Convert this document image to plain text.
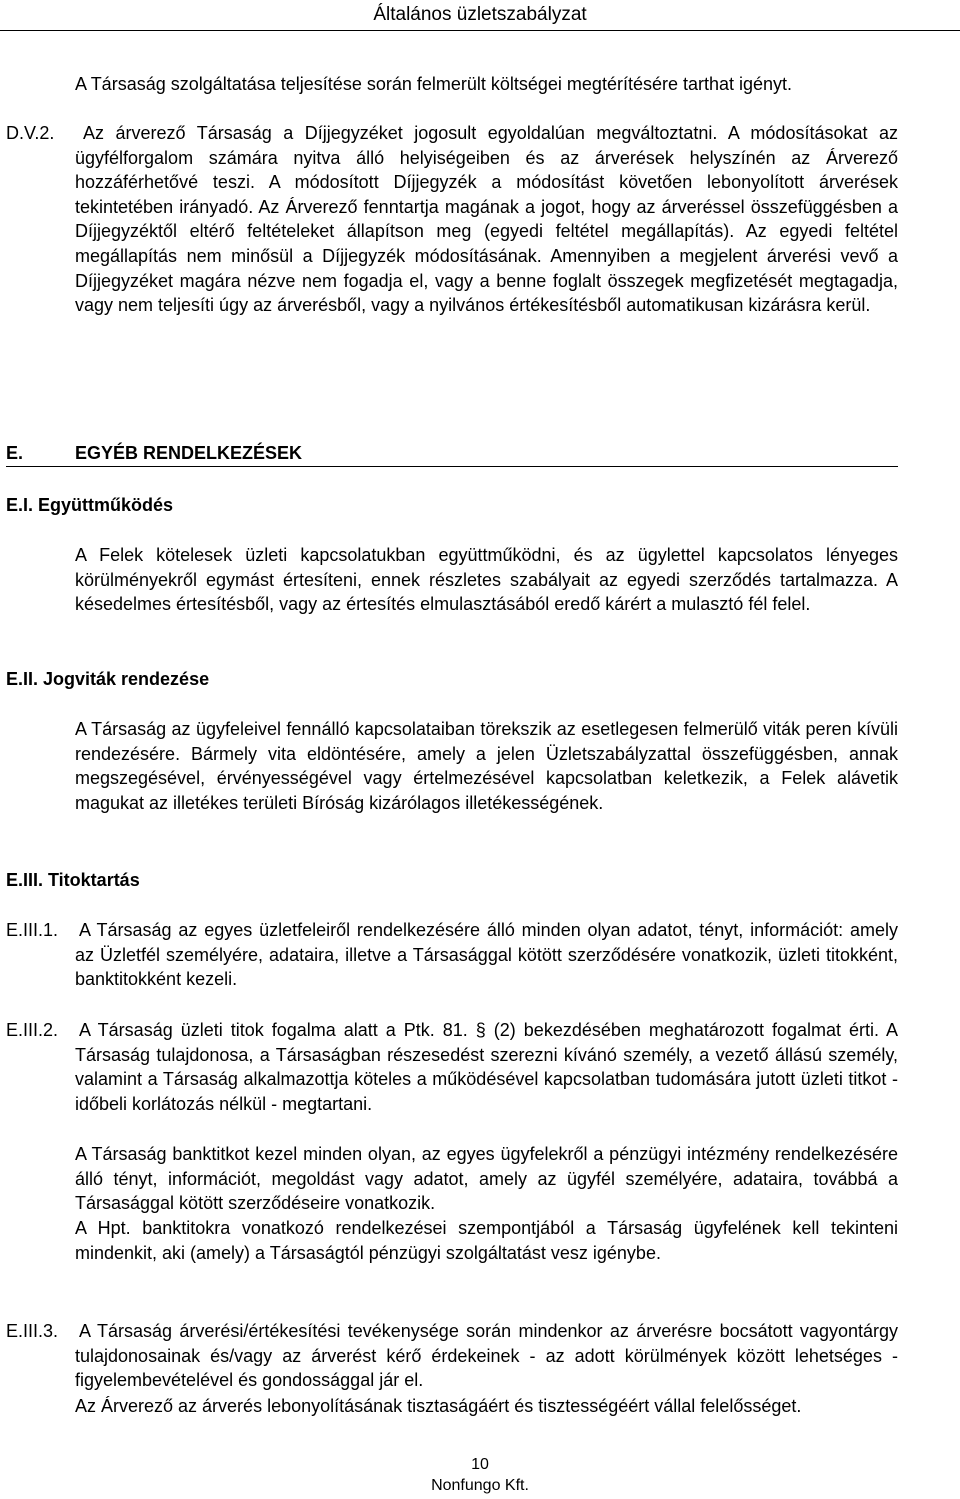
Általános üzletszabályzat

A Társaság szolgáltatása teljesítése során felmerült költségei megtérítésére tarthat igényt.

D.V.2.	Az árverező Társaság a Díjjegyzéket jogosult egyoldalúan megváltoztatni. A módosításokat az ügyfélforgalom számára nyitva álló helyiségeiben és az árverések helyszínén az Árverező hozzáférhetővé teszi. A módosított Díjjegyzék a módosítást követően lebonyolított árverések tekintetében irányadó. Az Árverező fenntartja magának a jogot, hogy az árveréssel összefüggésben a Díjjegyzéktől eltérő feltételeket állapítson meg (egyedi feltétel megállapítás). Az egyedi feltétel megállapítás nem minősül a Díjjegyzék módosításának. Amennyiben a megjelent árverési vevő a Díjjegyzéket magára nézve nem fogadja el, vagy a benne foglalt összegek megfizetését megtagadja, vagy nem teljesíti úgy az árverésből, vagy a nyilvános értékesítésből automatikusan kizárásra kerül.

E.	EGYÉB RENDELKEZÉSEK
E.I. Együttműködés

A Felek kötelesek üzleti kapcsolatukban együttműködni, és az ügylettel kapcsolatos lényeges körülményekről egymást értesíteni, ennek részletes szabályait az egyedi szerződés tartalmazza. A késedelmes értesítésből, vagy az értesítés elmulasztásából eredő kárért a mulasztó fél felel.

E.II. Jogviták rendezése

A Társaság az ügyfeleivel fennálló kapcsolataiban törekszik az esetlegesen felmerülő viták peren kívüli rendezésére. Bármely vita eldöntésére, amely a jelen Üzletszabályzattal összefüggésben, annak megszegésével, érvényességével vagy értelmezésével kapcsolatban keletkezik, a Felek alávetik magukat az illetékes területi Bíróság kizárólagos illetékességének.

E.III. Titoktartás
E.III.1. A Társaság az egyes üzletfeleiről rendelkezésére álló minden olyan adatot, tényt, információt: amely az Üzletfél személyére, adataira, illetve a Társasággal kötött szerződésére vonatkozik, üzleti titokként, banktitokként kezeli.

E.III.2. A Társaság üzleti titok fogalma alatt a Ptk. 81. § (2) bekezdésében meghatározott fogalmat érti. A Társaság tulajdonosa, a Társaságban részesedést szerezni kívánó személy, a vezető állású személy, valamint a Társaság alkalmazottja köteles a működésével kapcsolatban tudomására jutott üzleti titkot - időbeli korlátozás nélkül - megtartani.

A Társaság banktitkot kezel minden olyan, az egyes ügyfelekről a pénzügyi intézmény rendelkezésére álló tényt, információt, megoldást vagy adatot, amely az ügyfél személyére, adataira, továbbá a Társasággal kötött szerződéseire vonatkozik.

A Hpt. banktitokra vonatkozó rendelkezései szempontjából a Társaság ügyfelének kell tekinteni mindenkit, aki (amely) a Társaságtól pénzügyi szolgáltatást vesz igénybe.

E.III.3. A Társaság árverési/értékesítési tevékenysége során mindenkor az árverésre bocsátott vagyontárgy tulajdonosainak és/vagy az árverést kérő érdekeinek - az adott körülmények között lehetséges - figyelembevételével és gondossággal jár el.

Az Árverező az árverés lebonyolításának tisztaságáért és tisztességéért vállal felelősséget.

10
Nonfungo Kft.
